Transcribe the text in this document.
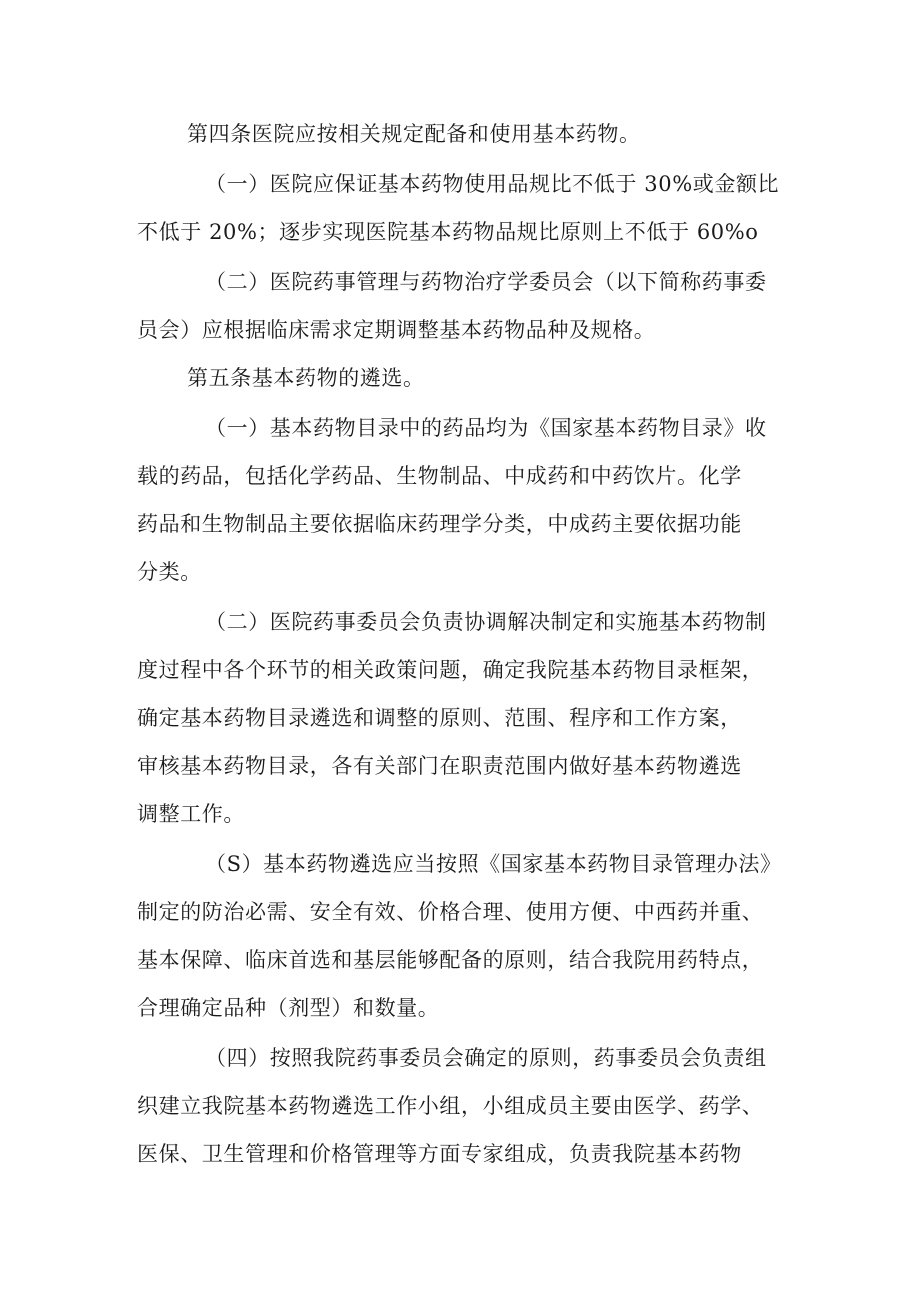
第四条医院应按相关规定配备和使用基本药物。
（一）医院应保证基本药物使用品规比不低于 30%或金额比
不低于 20%；逐步实现医院基本药物品规比原则上不低于 60%o
（二）医院药事管理与药物治疗学委员会（以下简称药事委
员会）应根据临床需求定期调整基本药物品种及规格。
第五条基本药物的遴选。
（一）基本药物目录中的药品均为《国家基本药物目录》收
载的药品，包括化学药品、生物制品、中成药和中药饮片。化学
药品和生物制品主要依据临床药理学分类，中成药主要依据功能
分类。
（二）医院药事委员会负责协调解决制定和实施基本药物制
度过程中各个环节的相关政策问题，确定我院基本药物目录框架，
确定基本药物目录遴选和调整的原则、范围、程序和工作方案，
审核基本药物目录，各有关部门在职责范围内做好基本药物遴选
调整工作。
（S）基本药物遴选应当按照《国家基本药物目录管理办法》
制定的防治必需、安全有效、价格合理、使用方便、中西药并重、
基本保障、临床首选和基层能够配备的原则，结合我院用药特点，
合理确定品种（剂型）和数量。
（四）按照我院药事委员会确定的原则，药事委员会负责组
织建立我院基本药物遴选工作小组，小组成员主要由医学、药学、
医保、卫生管理和价格管理等方面专家组成，负责我院基本药物
